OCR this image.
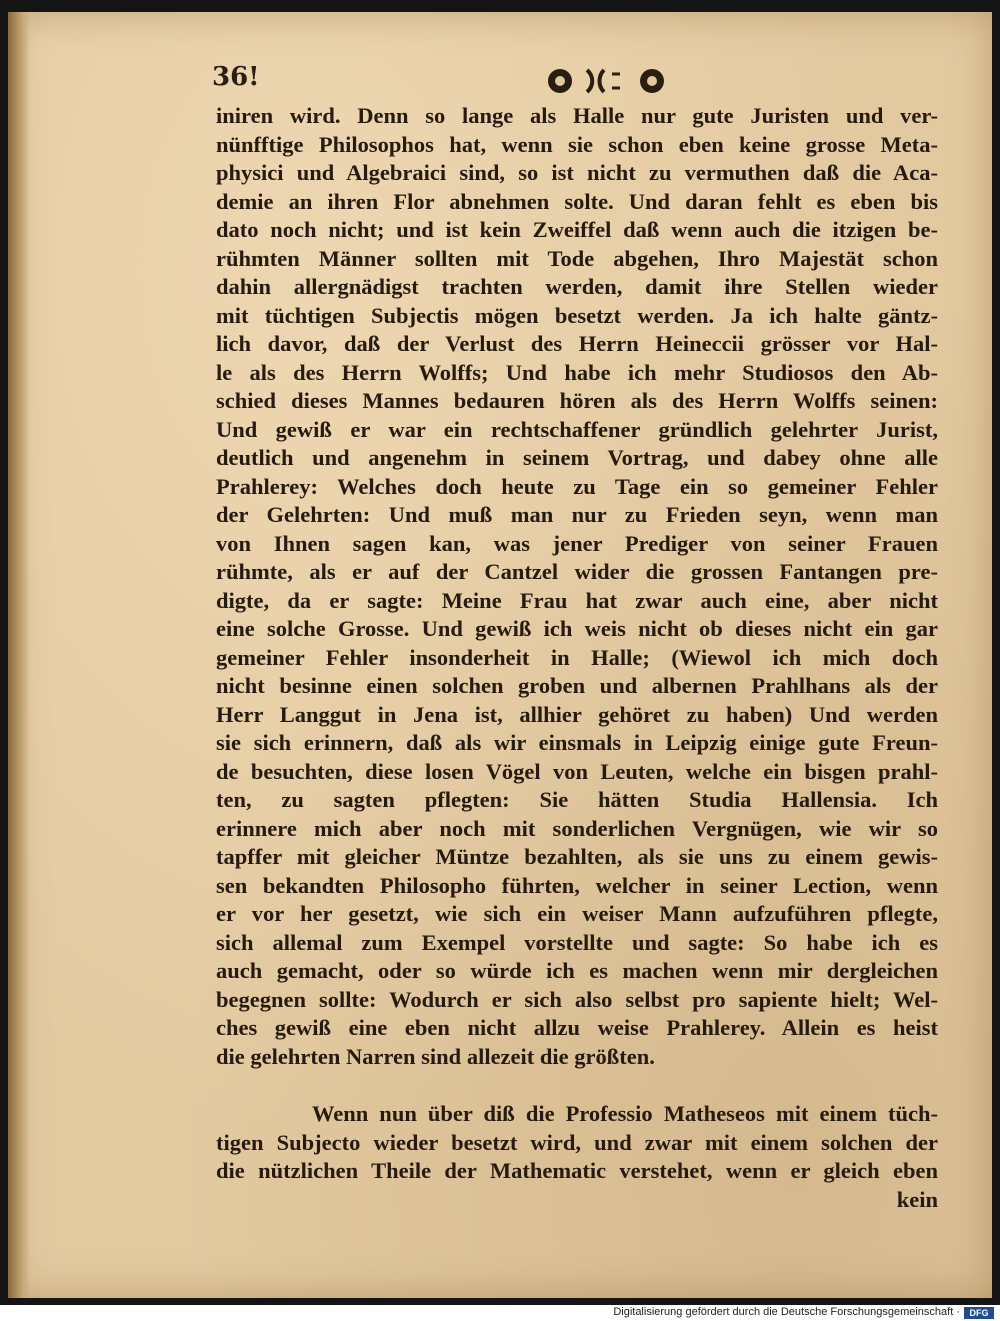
36!
iniren wird. Denn so lange als Halle nur gute Juristen und ver-
nünfftige Philosophos hat, wenn sie schon eben keine grosse Meta-
physici und Algebraici sind, so ist nicht zu vermuthen daß die Aca-
demie an ihren Flor abnehmen solte. Und daran fehlt es eben bis
dato noch nicht; und ist kein Zweiffel daß wenn auch die itzigen be-
rühmten Männer sollten mit Tode abgehen, Ihro Majestät schon
dahin allergnädigst trachten werden, damit ihre Stellen wieder
mit tüchtigen Subjectis mögen besetzt werden. Ja ich halte gäntz-
lich davor, daß der Verlust des Herrn Heineccii grösser vor Hal-
le als des Herrn Wolffs; Und habe ich mehr Studiosos den Ab-
schied dieses Mannes bedauren hören als des Herrn Wolffs seinen:
Und gewiß er war ein rechtschaffener gründlich gelehrter Jurist,
deutlich und angenehm in seinem Vortrag, und dabey ohne alle
Prahlerey: Welches doch heute zu Tage ein so gemeiner Fehler
der Gelehrten: Und muß man nur zu Frieden seyn, wenn man
von Ihnen sagen kan, was jener Prediger von seiner Frauen
rühmte, als er auf der Cantzel wider die grossen Fantangen pre-
digte, da er sagte: Meine Frau hat zwar auch eine, aber nicht
eine solche Grosse. Und gewiß ich weis nicht ob dieses nicht ein gar
gemeiner Fehler insonderheit in Halle; (Wiewol ich mich doch
nicht besinne einen solchen groben und albernen Prahlhans als der
Herr Langgut in Jena ist, allhier gehöret zu haben) Und werden
sie sich erinnern, daß als wir einsmals in Leipzig einige gute Freun-
de besuchten, diese losen Vögel von Leuten, welche ein bisgen prahl-
ten, zu sagten pflegten: Sie hätten Studia Hallensia. Ich
erinnere mich aber noch mit sonderlichen Vergnügen, wie wir so
tapffer mit gleicher Müntze bezahlten, als sie uns zu einem gewis-
sen bekandten Philosopho führten, welcher in seiner Lection, wenn
er vor her gesetzt, wie sich ein weiser Mann aufzuführen pflegte,
sich allemal zum Exempel vorstellte und sagte: So habe ich es
auch gemacht, oder so würde ich es machen wenn mir dergleichen
begegnen sollte: Wodurch er sich also selbst pro sapiente hielt; Wel-
ches gewiß eine eben nicht allzu weise Prahlerey. Allein es heist
die gelehrten Narren sind allezeit die größten.
Wenn nun über diß die Professio Matheseos mit einem tüch-
tigen Subjecto wieder besetzt wird, und zwar mit einem solchen der
die nützlichen Theile der Mathematic verstehet, wenn er gleich eben
kein
Digitalisierung gefördert durch die Deutsche Forschungsgemeinschaft ·	DFG
